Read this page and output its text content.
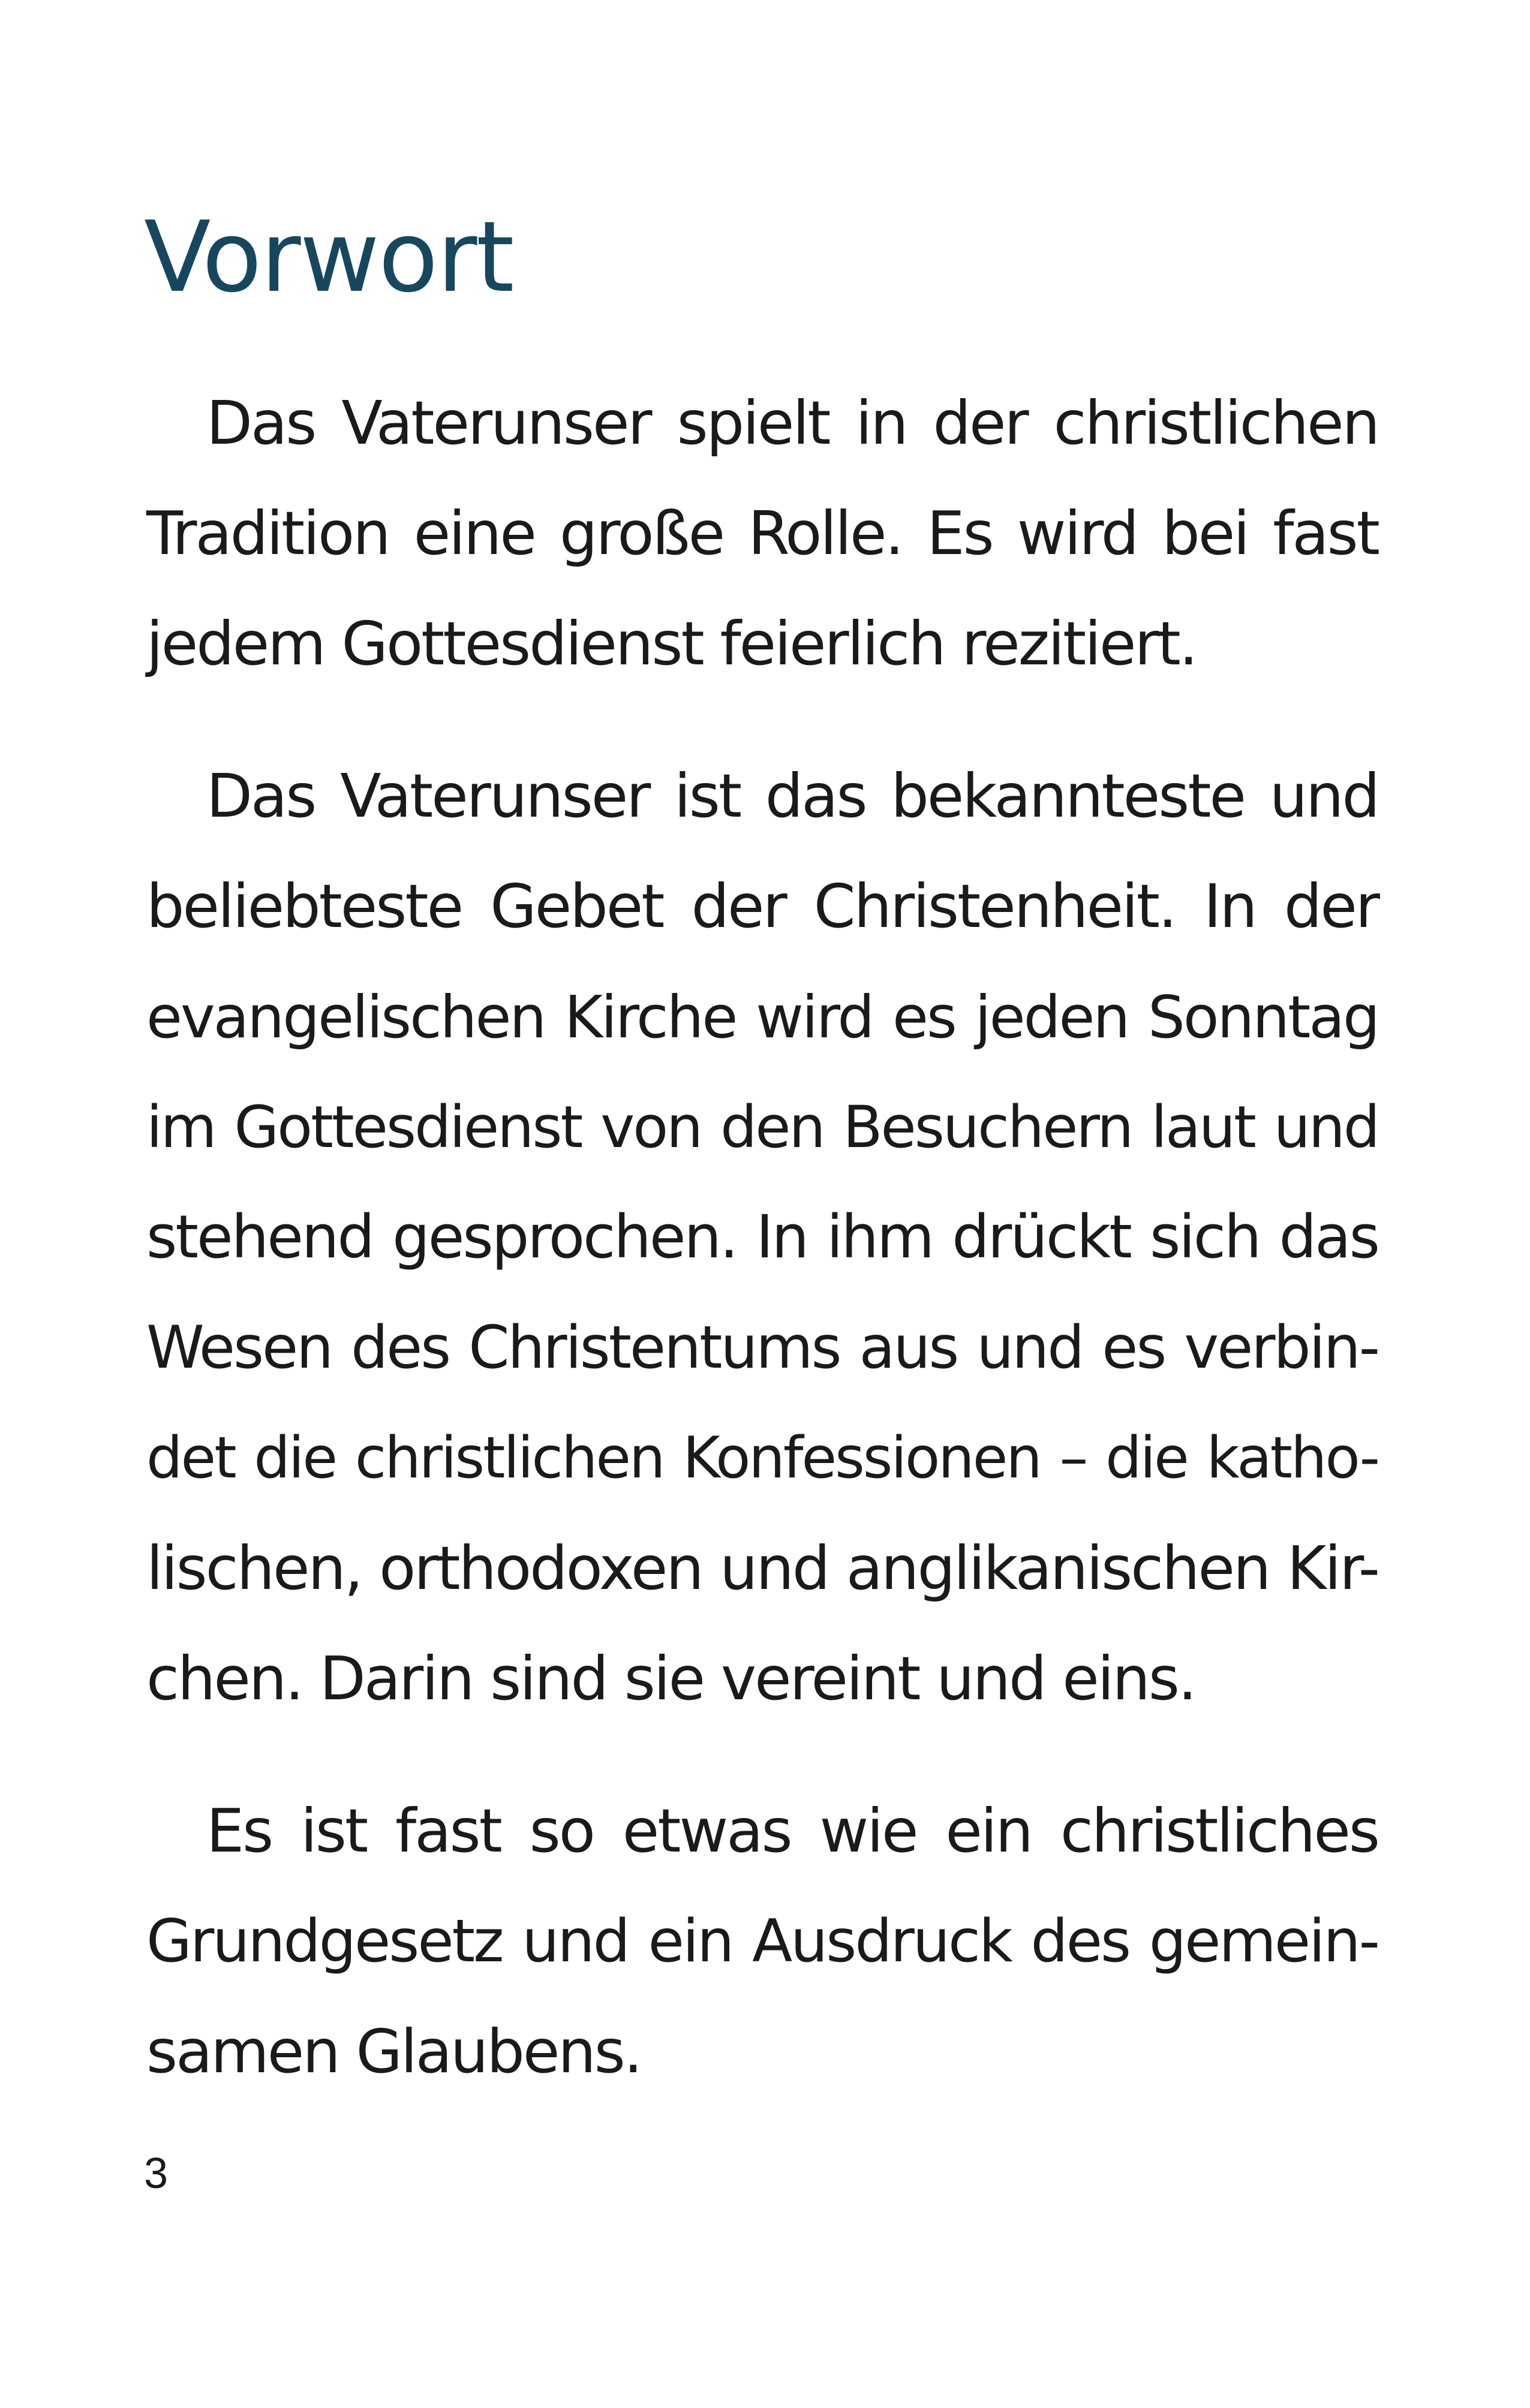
Vorwort
Das Vaterunser spielt in der christlichen
Tradition eine große Rolle. Es wird bei fast
jedem Gottesdienst feierlich rezitiert.
Das Vaterunser ist das bekannteste und
beliebteste Gebet der Christenheit. In der
evangelischen Kirche wird es jeden Sonntag
im Gottesdienst von den Besuchern laut und
stehend gesprochen. In ihm drückt sich das
Wesen des Christentums aus und es verbin-
det die christlichen Konfessionen – die katho-
lischen, orthodoxen und anglikanischen Kir-
chen. Darin sind sie vereint und eins.
Es ist fast so etwas wie ein christliches
Grundgesetz und ein Ausdruck des gemein-
samen Glaubens.
3
